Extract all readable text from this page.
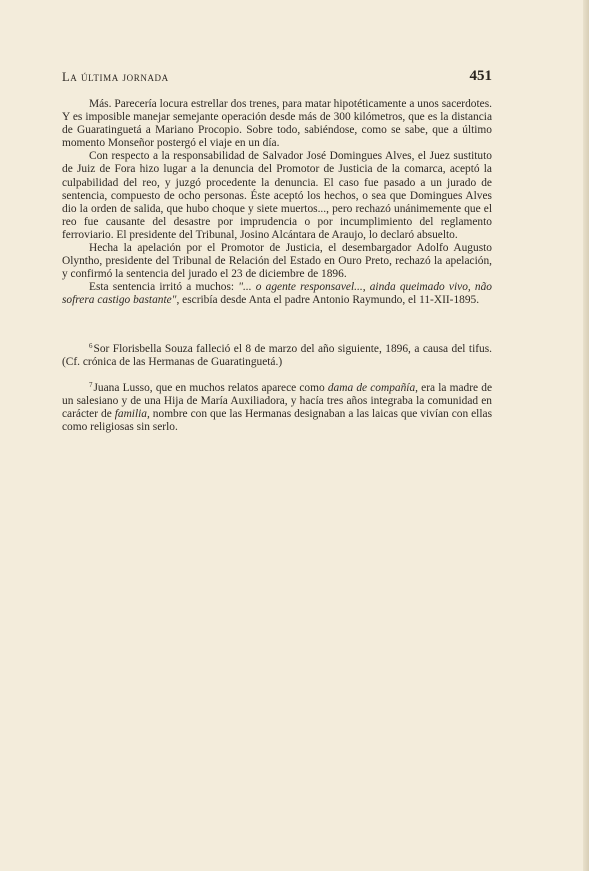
La última jornada	451

Más. Parecería locura estrellar dos trenes, para matar hipotéticamente a unos sacerdotes. Y es imposible manejar semejante operación desde más de 300 kilómetros, que es la distancia de Guaratinguetá a Mariano Procopio. Sobre todo, sabiéndose, como se sabe, que a último momento Monseñor postergó el viaje en un día.

Con respecto a la responsabilidad de Salvador José Domingues Alves, el Juez sustituto de Juiz de Fora hizo lugar a la denuncia del Promotor de Justicia de la comarca, aceptó la culpabilidad del reo, y juzgó procedente la denuncia. El caso fue pasado a un jurado de sentencia, compuesto de ocho personas. Éste aceptó los hechos, o sea que Domingues Alves dio la orden de salida, que hubo choque y siete muertos..., pero rechazó unánimemente que el reo fue causante del desastre por imprudencia o por incumplimiento del reglamento ferroviario. El presidente del Tribunal, Josino Alcántara de Araujo, lo declaró absuelto.

Hecha la apelación por el Promotor de Justicia, el desembargador Adolfo Augusto Olyntho, presidente del Tribunal de Relación del Estado en Ouro Preto, rechazó la apelación, y confirmó la sentencia del jurado el 23 de diciembre de 1896.

Esta sentencia irritó a muchos: "... o agente responsavel..., ainda queimado vivo, não sofrera castigo bastante", escribía desde Anta el padre Antonio Raymundo, el 11-XII-1895.

$^6$Sor Florisbella Souza falleció el 8 de marzo del año siguiente, 1896, a causa del tifus. (Cf. crónica de las Hermanas de Guaratinguetá.)

$^7$Juana Lusso, que en muchos relatos aparece como dama de compañía, era la madre de un salesiano y de una Hija de María Auxiliadora, y hacía tres años integraba la comunidad en carácter de familia, nombre con que las Hermanas designaban a las laicas que vivían con ellas como religiosas sin serlo.
